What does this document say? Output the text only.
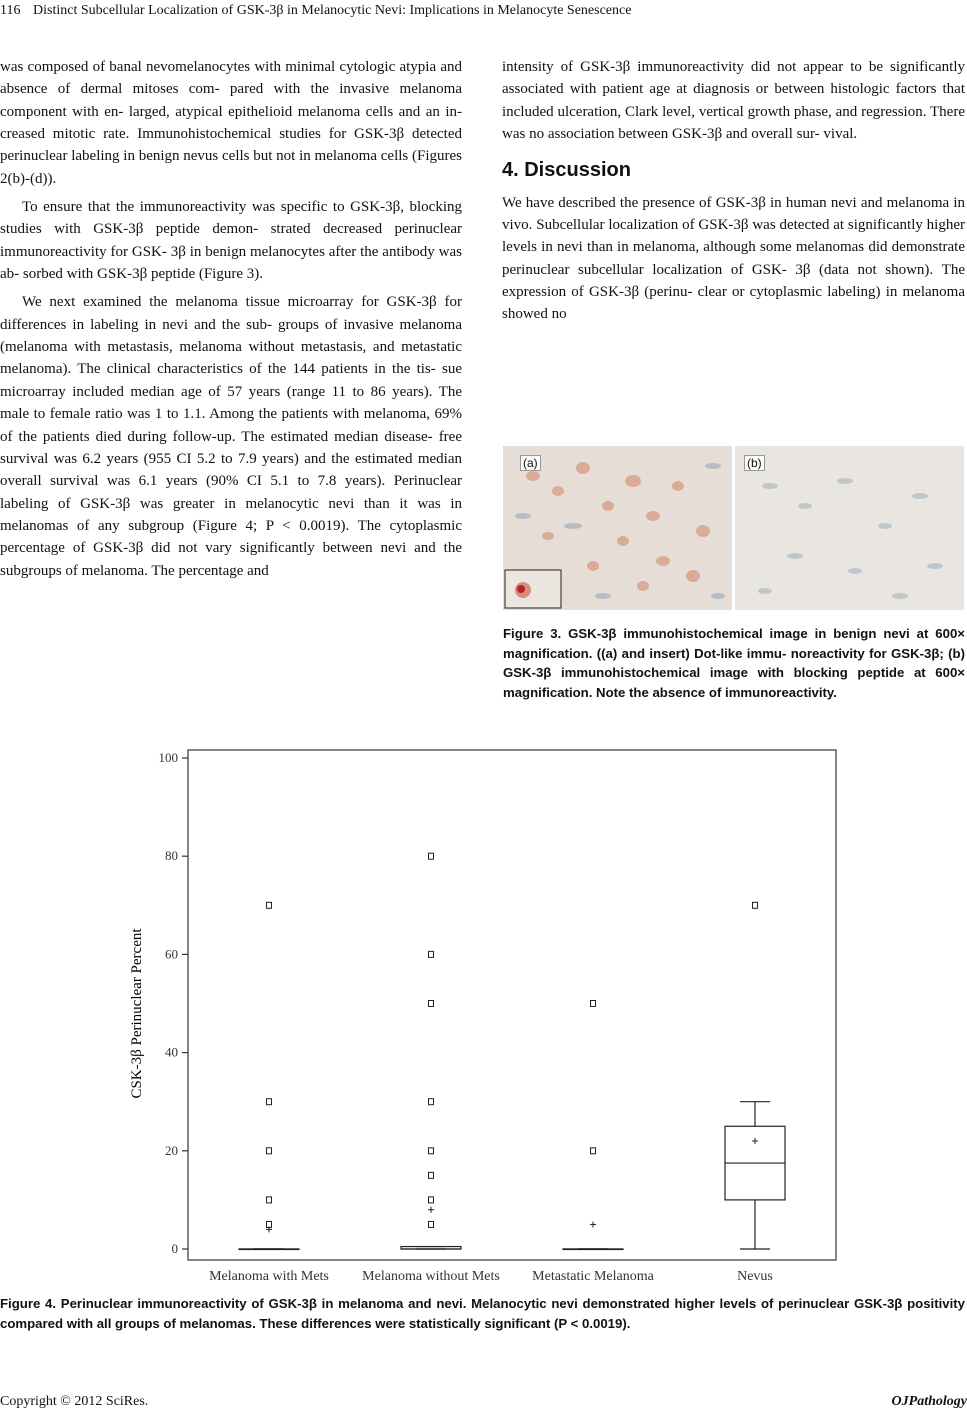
116 Distinct Subcellular Localization of GSK-3β in Melanocytic Nevi: Implications in Melanocyte Senescence

was composed of banal nevomelanocytes with minimal cytologic atypia and absence of dermal mitoses com- pared with the invasive melanoma component with en- larged, atypical epithelioid melanoma cells and an in- creased mitotic rate. Immunohistochemical studies for GSK-3β detected perinuclear labeling in benign nevus cells but not in melanoma cells (Figures 2(b)-(d)).

To ensure that the immunoreactivity was specific to GSK-3β, blocking studies with GSK-3β peptide demon- strated decreased perinuclear immunoreactivity for GSK- 3β in benign melanocytes after the antibody was ab- sorbed with GSK-3β peptide (Figure 3).

We next examined the melanoma tissue microarray for GSK-3β for differences in labeling in nevi and the sub- groups of invasive melanoma (melanoma with metastasis, melanoma without metastasis, and metastatic melanoma). The clinical characteristics of the 144 patients in the tis- sue microarray included median age of 57 years (range 11 to 86 years). The male to female ratio was 1 to 1.1. Among the patients with melanoma, 69% of the patients died during follow-up. The estimated median disease- free survival was 6.2 years (955 CI 5.2 to 7.9 years) and the estimated median overall survival was 6.1 years (90% CI 5.1 to 7.8 years). Perinuclear labeling of GSK-3β was greater in melanocytic nevi than it was in melanomas of any subgroup (Figure 4; P < 0.0019). The cytoplasmic percentage of GSK-3β did not vary significantly between nevi and the subgroups of melanoma. The percentage and

intensity of GSK-3β immunoreactivity did not appear to be significantly associated with patient age at diagnosis or between histologic factors that included ulceration, Clark level, vertical growth phase, and regression. There was no association between GSK-3β and overall sur- vival.

4. Discussion

We have described the presence of GSK-3β in human nevi and melanoma in vivo. Subcellular localization of GSK-3β was detected at significantly higher levels in nevi than in melanoma, although some melanomas did demonstrate perinuclear subcellular localization of GSK- 3β (data not shown). The expression of GSK-3β (perinu- clear or cytoplasmic labeling) in melanoma showed no

(a)	(b)
Figure 3. GSK-3β immunohistochemical image in benign nevi at 600× magnification. ((a) and insert) Dot-like immu- noreactivity for GSK-3β; (b) GSK-3β immunohistochemical image with blocking peptide at 600× magnification. Note the absence of immunoreactivity.
0
20
40
60
80
100
CSK-3β Perinuclear Percent
Melanoma with Mets Melanoma without Mets Metastatic Melanoma	Nevus
Figure 4. Perinuclear immunoreactivity of GSK-3β in melanoma and nevi. Melanocytic nevi demonstrated higher levels of perinuclear GSK-3β positivity compared with all groups of melanomas. These differences were statistically significant (P < 0.0019).
Copyright © 2012 SciRes.	OJPathology
